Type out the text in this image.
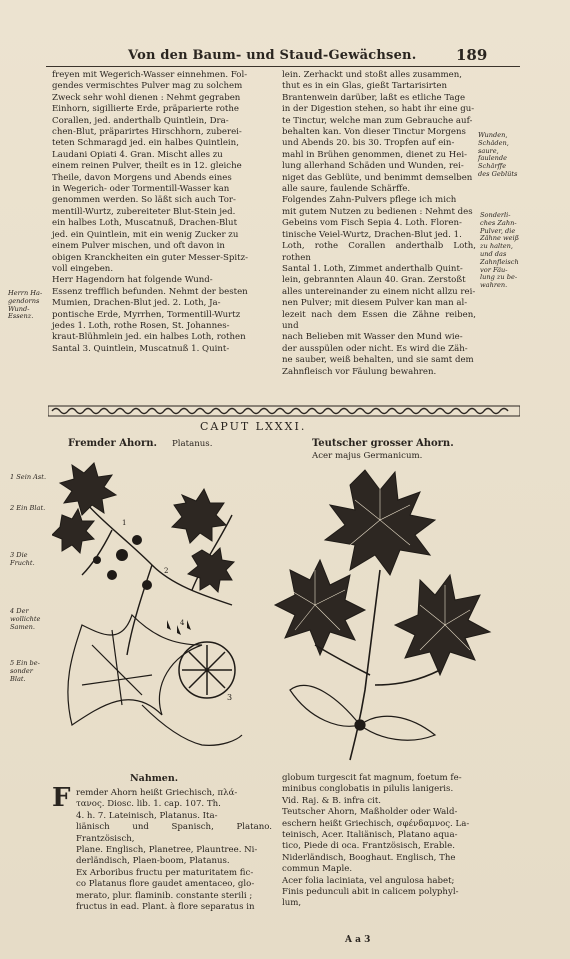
Von den Baum- und Staud-Gewächsen.	189
freyen mit Wegerich-Wasser einnehmen. Fol-
gendes vermischtes Pulver mag zu solchem
Zweck sehr wohl dienen : Nehmt gegraben
Einhorn, sigillierte Erde, präparierte rothe
Corallen, jed. anderthalb Quintlein, Dra-
chen-Blut, präparirtes Hirschhorn, zuberei-
teten Schmaragd jed. ein halbes Quintlein,
Laudani Opiati 4. Gran. Mischt alles zu
einem reinen Pulver, theilt es in 12. gleiche
Theile, davon Morgens und Abends eines
in Wegerich- oder Tormentill-Wasser kan
genommen werden. So läßt sich auch Tor-
mentill-Wurtz, zubereiteter Blut-Stein jed.
ein halbes Loth, Muscatnuß, Drachen-Blut
jed. ein Quintlein, mit ein wenig Zucker zu
einem Pulver mischen, und oft davon in
obigen Kranckheiten ein guter Messer-Spitz-
voll eingeben.
Herr Hagendorn hat folgende Wund-
Essenz trefflich befunden. Nehmt der besten
Mumien, Drachen-Blut jed. 2. Loth, Ja-
pontische Erde, Myrrhen, Tormentill-Wurtz
jedes 1. Loth, rothe Rosen, St. Johannes-
kraut-Blühmlein jed. ein halbes Loth, rothen
Santal 3. Quintlein, Muscatnuß 1. Quint-
lein. Zerhackt und stoßt alles zusammen,
thut es in ein Glas, gießt Tartarisirten
Brantenwein darüber, laßt es etliche Tage
in der Digestion stehen, so habt ihr eine gu-
te Tinctur, welche man zum Gebrauche auf-
behalten kan. Von dieser Tinctur Morgens
und Abends 20. bis 30. Tropfen auf ein-
mahl in Brühen genommen, dienet zu Hei-
lung allerhand Schäden und Wunden, rei-
niget das Geblüte, und benimmt demselben
alle saure, faulende Schärffe.
Folgendes Zahn-Pulvers pflege ich mich
mit gutem Nutzen zu bedienen : Nehmt des
Gebeins vom Fisch Sepia 4. Loth. Floren-
tinische Veiel-Wurtz, Drachen-Blut jed. 1.
Loth, rothe Corallen anderthalb Loth, rothen
Santal 1. Loth, Zimmet anderthalb Quint-
lein, gebrannten Alaun 40. Gran. Zerstoßt
alles untereinander zu einem nicht allzu rei-
nen Pulver; mit diesem Pulver kan man al-
lezeit nach dem Essen die Zähne reiben, und
nach Belieben mit Wasser den Mund wie-
der ausspülen oder nicht. Es wird die Zäh-
ne sauber, weiß behalten, und sie samt dem
Zahnfleisch vor Fäulung bewahren.
Herrn Ha-
gendorns
Wund-
Essenz.
Wunden,
Schäden,
saure,
faulende
Schärffe
des Geblüts
Sonderli-
ches Zahn-
Pulver, die
Zähne weiß
zu halten,
und das
Zahnfleisch
vor Fäu-
lung zu be-
wahren.
CAPUT LXXXI.
Fremder Ahorn. Platanus.	Teutscher grosser Ahorn.
Acer majus Germanicum.
1 Sein Ast.
2 Ein Blat.
3 Die
Frucht.
4 Der
wollichte
Samen.
5 Ein be-
sonder
Blat.
1
2
3
4
Nahmen.
F remder Ahorn heißt Griechisch, πλά-
τανος. Diosc. lib. 1. cap. 107. Th.
4. h. 7. Lateinisch, Platanus. Ita-
liänisch und Spanisch, Platano. Frantzösisch,
Plane. Englisch, Planetree, Plauntree. Ni-
derländisch, Plaen-boom, Platanus.
Ex Arboribus fructu per maturitatem fic-
co Platanus flore gaudet amentaceo, glo-
merato, plur. flaminib. constante sterili ;
fructus in ead. Plant. à flore separatus in
globum turgescit fat magnum, foetum fe-
minibus conglobatis in pilulis lanigeris.
Vid. Raj. & B. infra cit.
Teutscher Ahorn, Maßholder oder Wald-
eschern heißt Griechisch, σφένδαμνος. La-
teinisch, Acer. Italiänisch, Platano aqua-
tico, Piede di oca. Frantzösisch, Erable.
Niderländisch, Booghaut. Englisch, The
commun Maple.
Acer folia laciniata, vel angulosa habet;
Finis pedunculi abit in calicem polyphyl-
lum,
A a 3
